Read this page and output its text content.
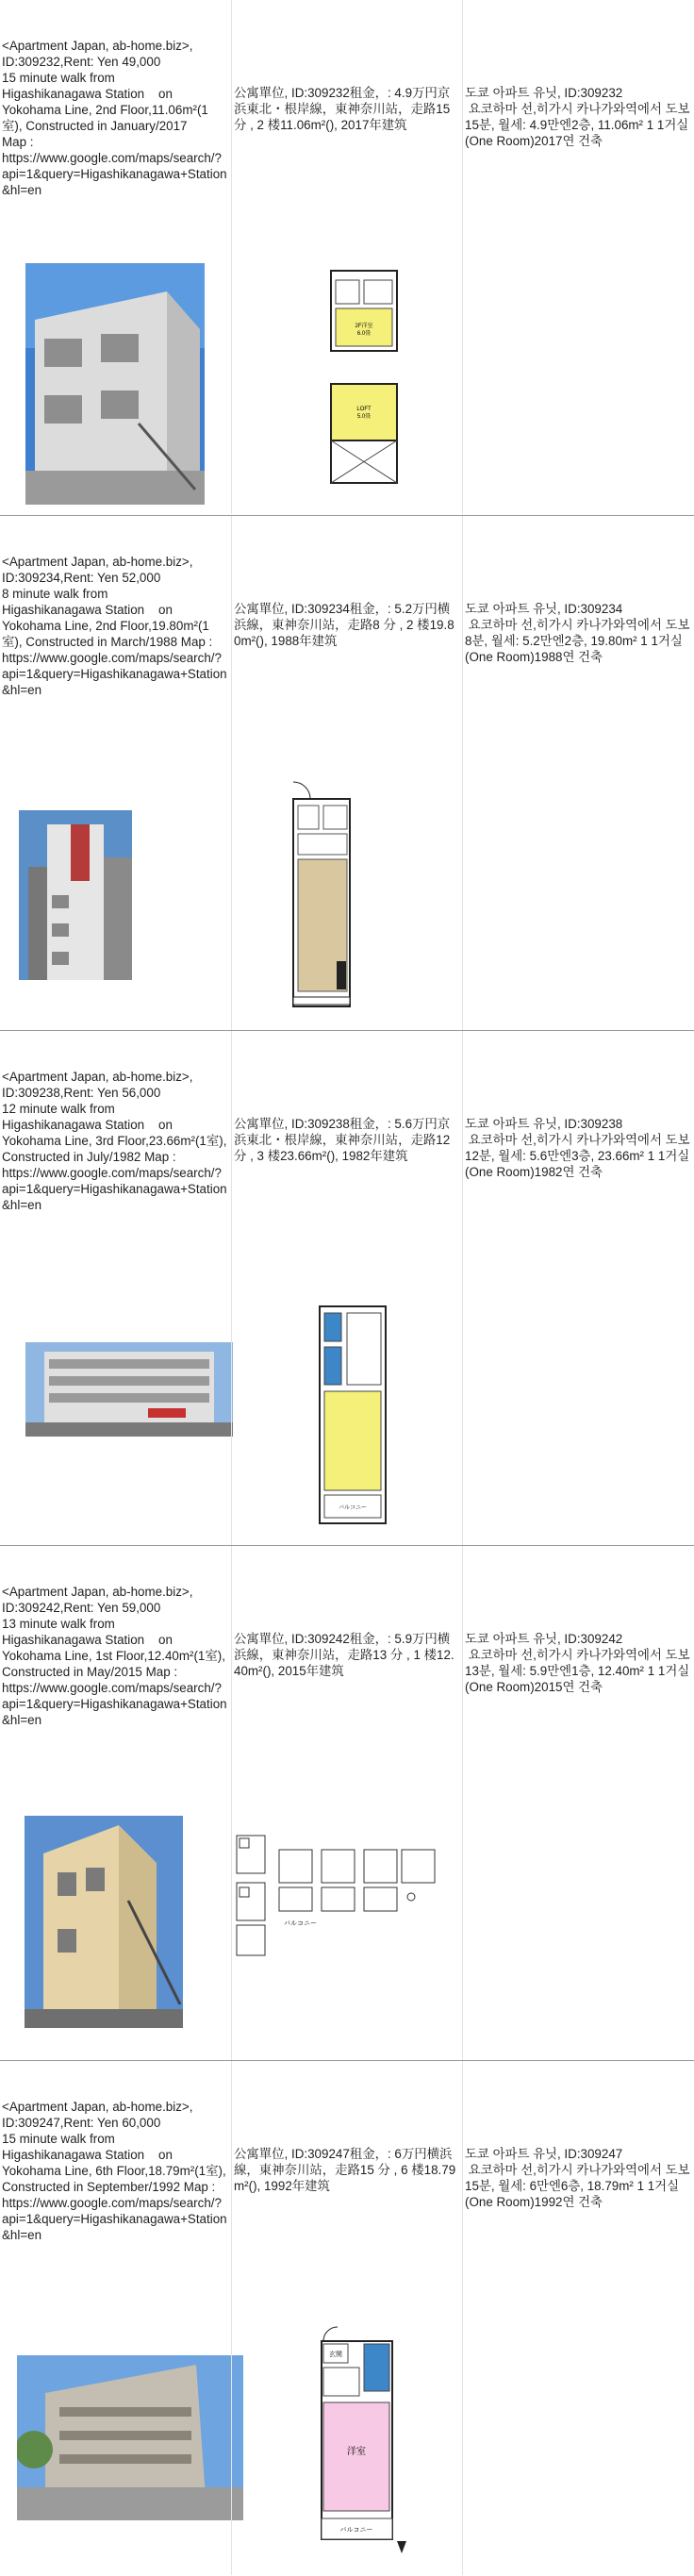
<Apartment Japan, ab-home.biz>,
ID:309232,Rent: Yen 49,000
15 minute walk from
Higashikanagawa Station    on
Yokohama Line, 2nd Floor,11.06m²(1室), Constructed in January/2017
Map :
https://www.google.com/maps/search/?api=1&query=Higashikanagawa+Station&hl=en
公寓單位, ID:309232租金，: 4.9万円京浜東北・根岸線，東神奈川站，走路15 分 , 2 楼11.06m²(), 2017年建筑
도쿄 아파트 유닛, ID:309232
요코하마 선,히가시 카나가와역에서 도보15분, 월세: 4.9만엔2층, 11.06m² 1 1거실(One Room)2017연 건축
2F洋室
6.0畳
LOFT
5.0畳
<Apartment Japan, ab-home.biz>,
ID:309234,Rent: Yen 52,000
8 minute walk from
Higashikanagawa Station    on
Yokohama Line, 2nd Floor,19.80m²(1室), Constructed in March/1988 Map :
https://www.google.com/maps/search/?api=1&query=Higashikanagawa+Station&hl=en
公寓單位, ID:309234租金，: 5.2万円横浜線，東神奈川站，走路8 分 , 2 楼19.80m²(), 1988年建筑
도쿄 아파트 유닛, ID:309234
요코하마 선,히가시 카나가와역에서 도보8분, 월세: 5.2만엔2층, 19.80m² 1 1거실(One Room)1988연 건축
<Apartment Japan, ab-home.biz>,
ID:309238,Rent: Yen 56,000
12 minute walk from
Higashikanagawa Station    on
Yokohama Line, 3rd Floor,23.66m²(1室), Constructed in July/1982 Map :
https://www.google.com/maps/search/?api=1&query=Higashikanagawa+Station&hl=en
公寓單位, ID:309238租金，: 5.6万円京浜東北・根岸線，東神奈川站，走路12 分 , 3 楼23.66m²(), 1982年建筑
도쿄 아파트 유닛, ID:309238
요코하마 선,히가시 카나가와역에서 도보12분, 월세: 5.6만엔3층, 23.66m² 1 1거실(One Room)1982연 건축
バルコニー
<Apartment Japan, ab-home.biz>,
ID:309242,Rent: Yen 59,000
13 minute walk from
Higashikanagawa Station    on
Yokohama Line, 1st Floor,12.40m²(1室), Constructed in May/2015 Map :
https://www.google.com/maps/search/?api=1&query=Higashikanagawa+Station&hl=en
公寓單位, ID:309242租金，: 5.9万円横浜線，東神奈川站，走路13 分 , 1 楼12.40m²(), 2015年建筑
도쿄 아파트 유닛, ID:309242
요코하마 선,히가시 카나가와역에서 도보13분, 월세: 5.9만엔1층, 12.40m² 1 1거실(One Room)2015연 건축
バルコニー
<Apartment Japan, ab-home.biz>,
ID:309247,Rent: Yen 60,000
15 minute walk from
Higashikanagawa Station    on
Yokohama Line, 6th Floor,18.79m²(1室), Constructed in September/1992 Map :
https://www.google.com/maps/search/?api=1&query=Higashikanagawa+Station&hl=en
公寓單位, ID:309247租金，: 6万円横浜線，東神奈川站，走路15 分 , 6 楼18.79m²(), 1992年建筑
도쿄 아파트 유닛, ID:309247
요코하마 선,히가시 카나가와역에서 도보15분, 월세: 6만엔6층, 18.79m² 1 1거실(One Room)1992연 건축
玄関
洋室
バルコニー
